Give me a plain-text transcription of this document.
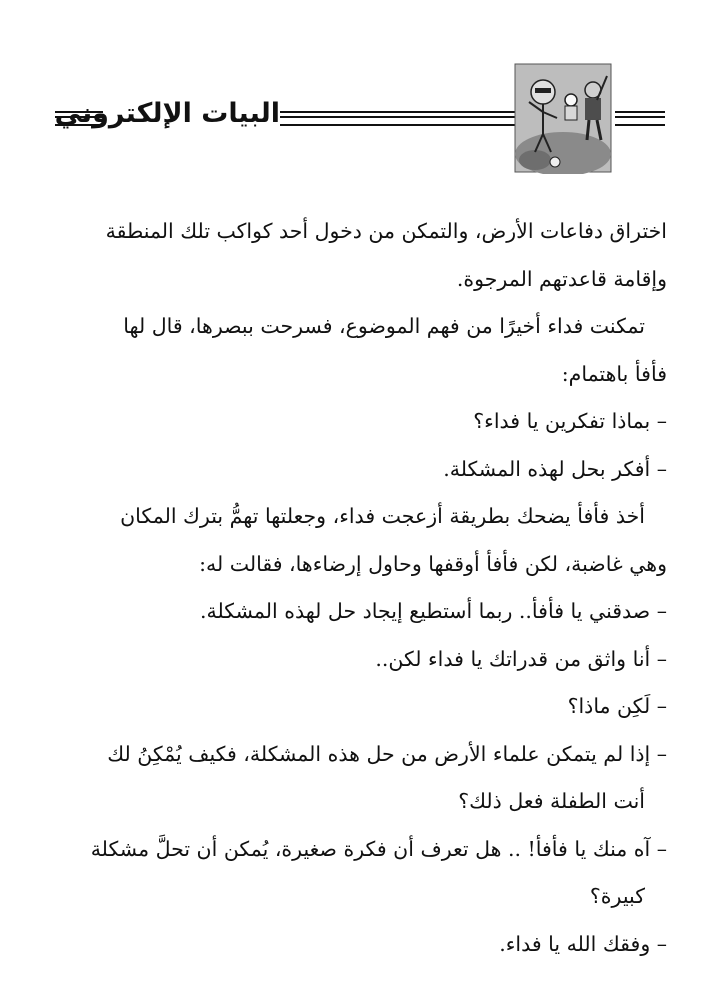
البيات الإلكتروني
اختراق دفاعات الأرض، والتمكن من دخول أحد كواكب تلك المنطقة
وإقامة قاعدتهم المرجوة.
تمكنت فداء أخيرًا من فهم الموضوع، فسرحت ببصرها، قال لها
فأفأ باهتمام:
– بماذا تفكرين يا فداء؟
– أفكر بحل لهذه المشكلة.
أخذ فأفأ يضحك بطريقة أزعجت فداء، وجعلتها تهمُّ بترك المكان
وهي غاضبة، لكن فأفأ أوقفها وحاول إرضاءها، فقالت له:
– صدقني يا فأفأ.. ربما أستطيع إيجاد حل لهذه المشكلة.
– أنا واثق من قدراتك يا فداء لكن..
– لَكِن ماذا؟
– إذا لم يتمكن علماء الأرض من حل هذه المشكلة، فكيف يُمْكِنُ لك
أنت الطفلة فعل ذلك؟
– آه منك يا فأفأ! .. هل تعرف أن فكرة صغيرة، يُمكن أن تحلَّ مشكلة
كبيرة؟
– وفقك الله يا فداء.
